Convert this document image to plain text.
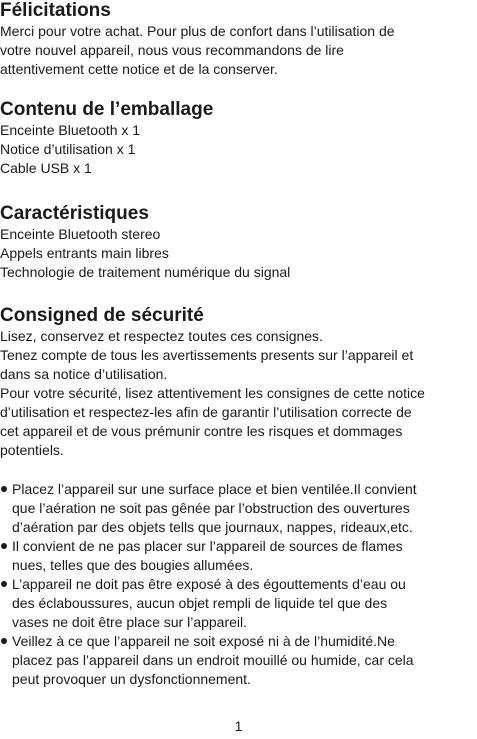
Félicitations
Merci pour votre achat. Pour plus de confort dans l’utilisation de
votre nouvel appareil, nous vous recommandons de lire
attentivement cette notice et de la conserver.
Contenu de l’emballage
Enceinte Bluetooth x 1
Notice d’utilisation x 1
Cable USB x 1
Caractéristiques
Enceinte Bluetooth stereo
Appels entrants main libres
Technologie de traitement numérique du signal
Consigned de sécurité
Lisez, conservez et respectez toutes ces consignes.
Tenez compte de tous les avertissements presents sur l’appareil et
dans sa notice d’utilisation.
Pour votre sécurité, lisez attentivement les consignes de cette notice
d’utilisation et respectez-les afin de garantir l’utilisation correcte de
cet appareil et de vous prémunir contre les risques et dommages
potentiels.
Placez l’appareil sur une surface place et bien ventilée.Il convient
que l’aération ne soit pas gênée par l’obstruction des ouvertures
d’aération par des objets tells que journaux, nappes, rideaux,etc.
Il convient de ne pas placer sur l’appareil de sources de flames
nues, telles que des bougies allumées.
L’appareil ne doit pas être exposé à des égouttements d’eau ou
des éclaboussures, aucun objet rempli de liquide tel que des
vases ne doit être place sur l’appareil.
Veillez à ce que l’appareil ne soit exposé ni à de l’humidité.Ne
placez pas l’appareil dans un endroit mouillé ou humide, car cela
peut provoquer un dysfonctionnement.
1
